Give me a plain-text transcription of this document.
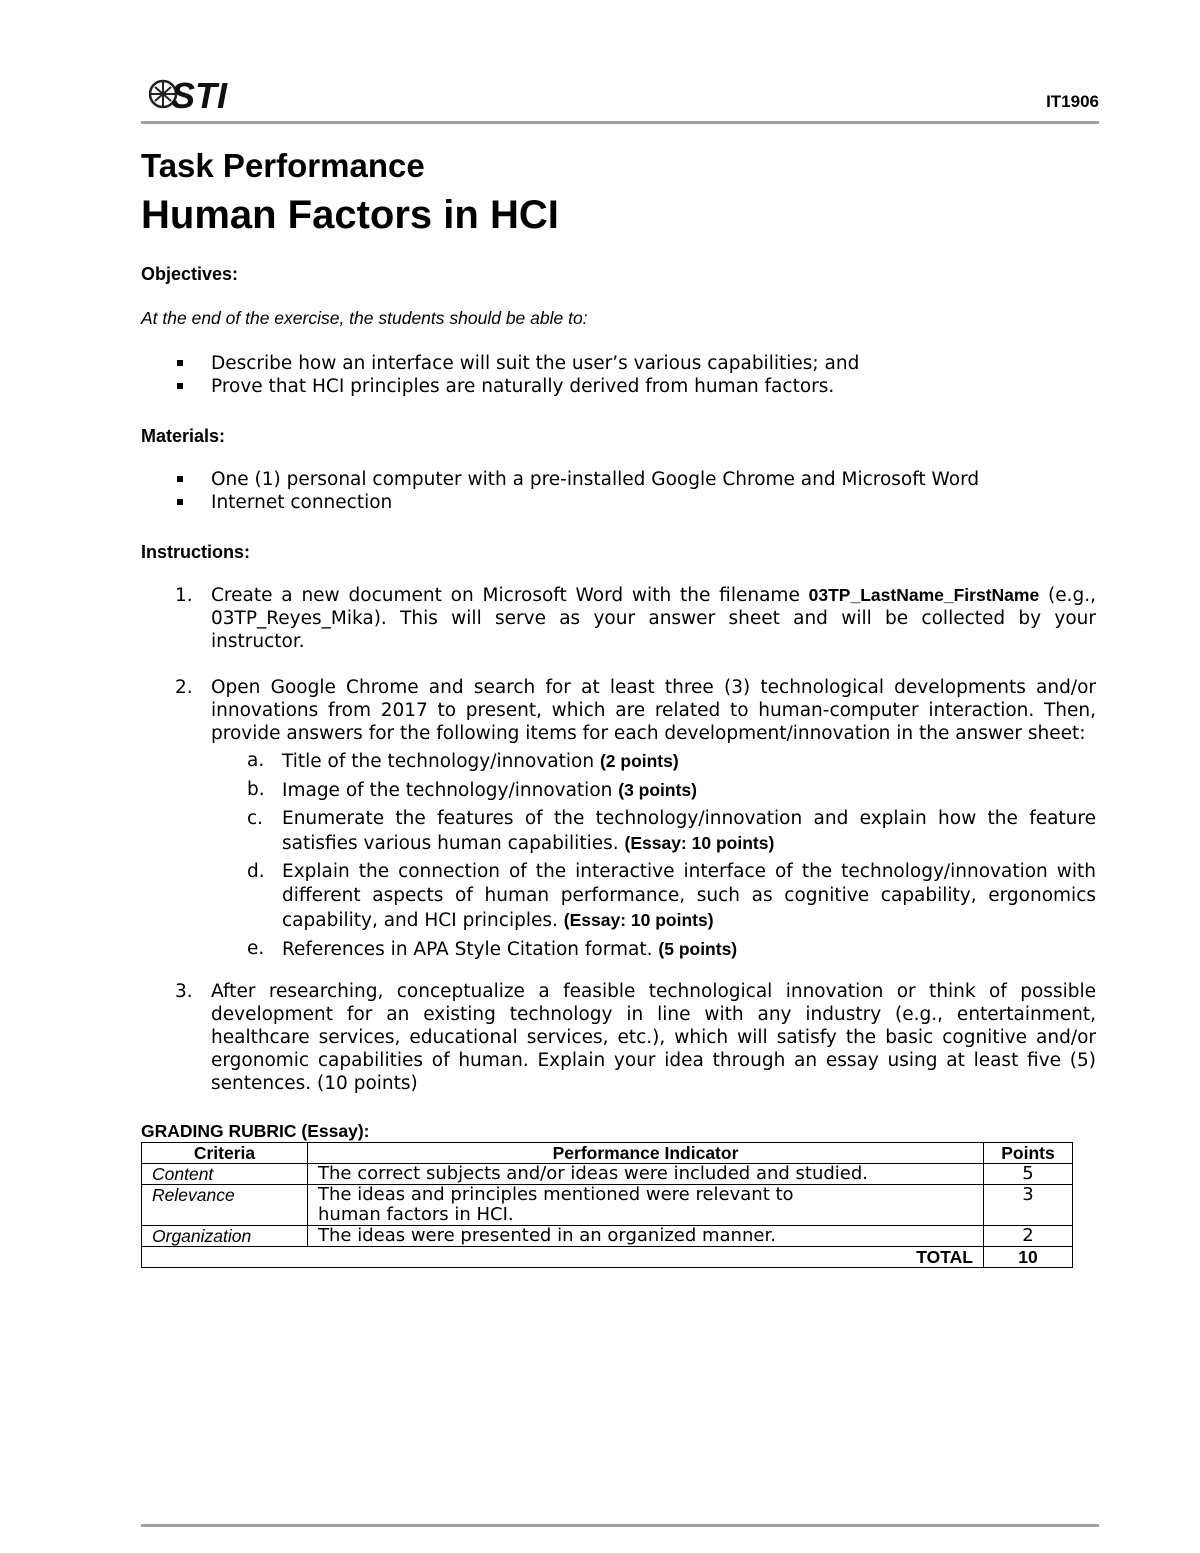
STI	IT1906
Task Performance
Human Factors in HCI

Objectives:

At the end of the exercise, the students should be able to:

Describe how an interface will suit the user’s various capabilities; and
Prove that HCI principles are naturally derived from human factors.

Materials:

One (1) personal computer with a pre-installed Google Chrome and Microsoft Word
Internet connection

Instructions:

1. Create a new document on Microsoft Word with the filename 03TP_LastName_FirstName (e.g., 03TP_Reyes_Mika). This will serve as your answer sheet and will be collected by your instructor.
2. Open Google Chrome and search for at least three (3) technological developments and/or innovations from 2017 to present, which are related to human-computer interaction. Then, provide answers for the following items for each development/innovation in the answer sheet:
a. Title of the technology/innovation (2 points)
b. Image of the technology/innovation (3 points)
c. Enumerate the features of the technology/innovation and explain how the feature satisfies various human capabilities. (Essay: 10 points)
d. Explain the connection of the interactive interface of the technology/innovation with different aspects of human performance, such as cognitive capability, ergonomics capability, and HCI principles. (Essay: 10 points)
e. References in APA Style Citation format. (5 points)
3. After researching, conceptualize a feasible technological innovation or think of possible development for an existing technology in line with any industry (e.g., entertainment, healthcare services, educational services, etc.), which will satisfy the basic cognitive and/or ergonomic capabilities of human. Explain your idea through an essay using at least five (5) sentences. (10 points)

GRADING RUBRIC (Essay):

Criteria	Performance Indicator	Points
Content	The correct subjects and/or ideas were included and studied.	5
Relevance	The ideas and principles mentioned were relevant to human factors in HCI.	3
Organization	The ideas were presented in an organized manner.	2
TOTAL		10
